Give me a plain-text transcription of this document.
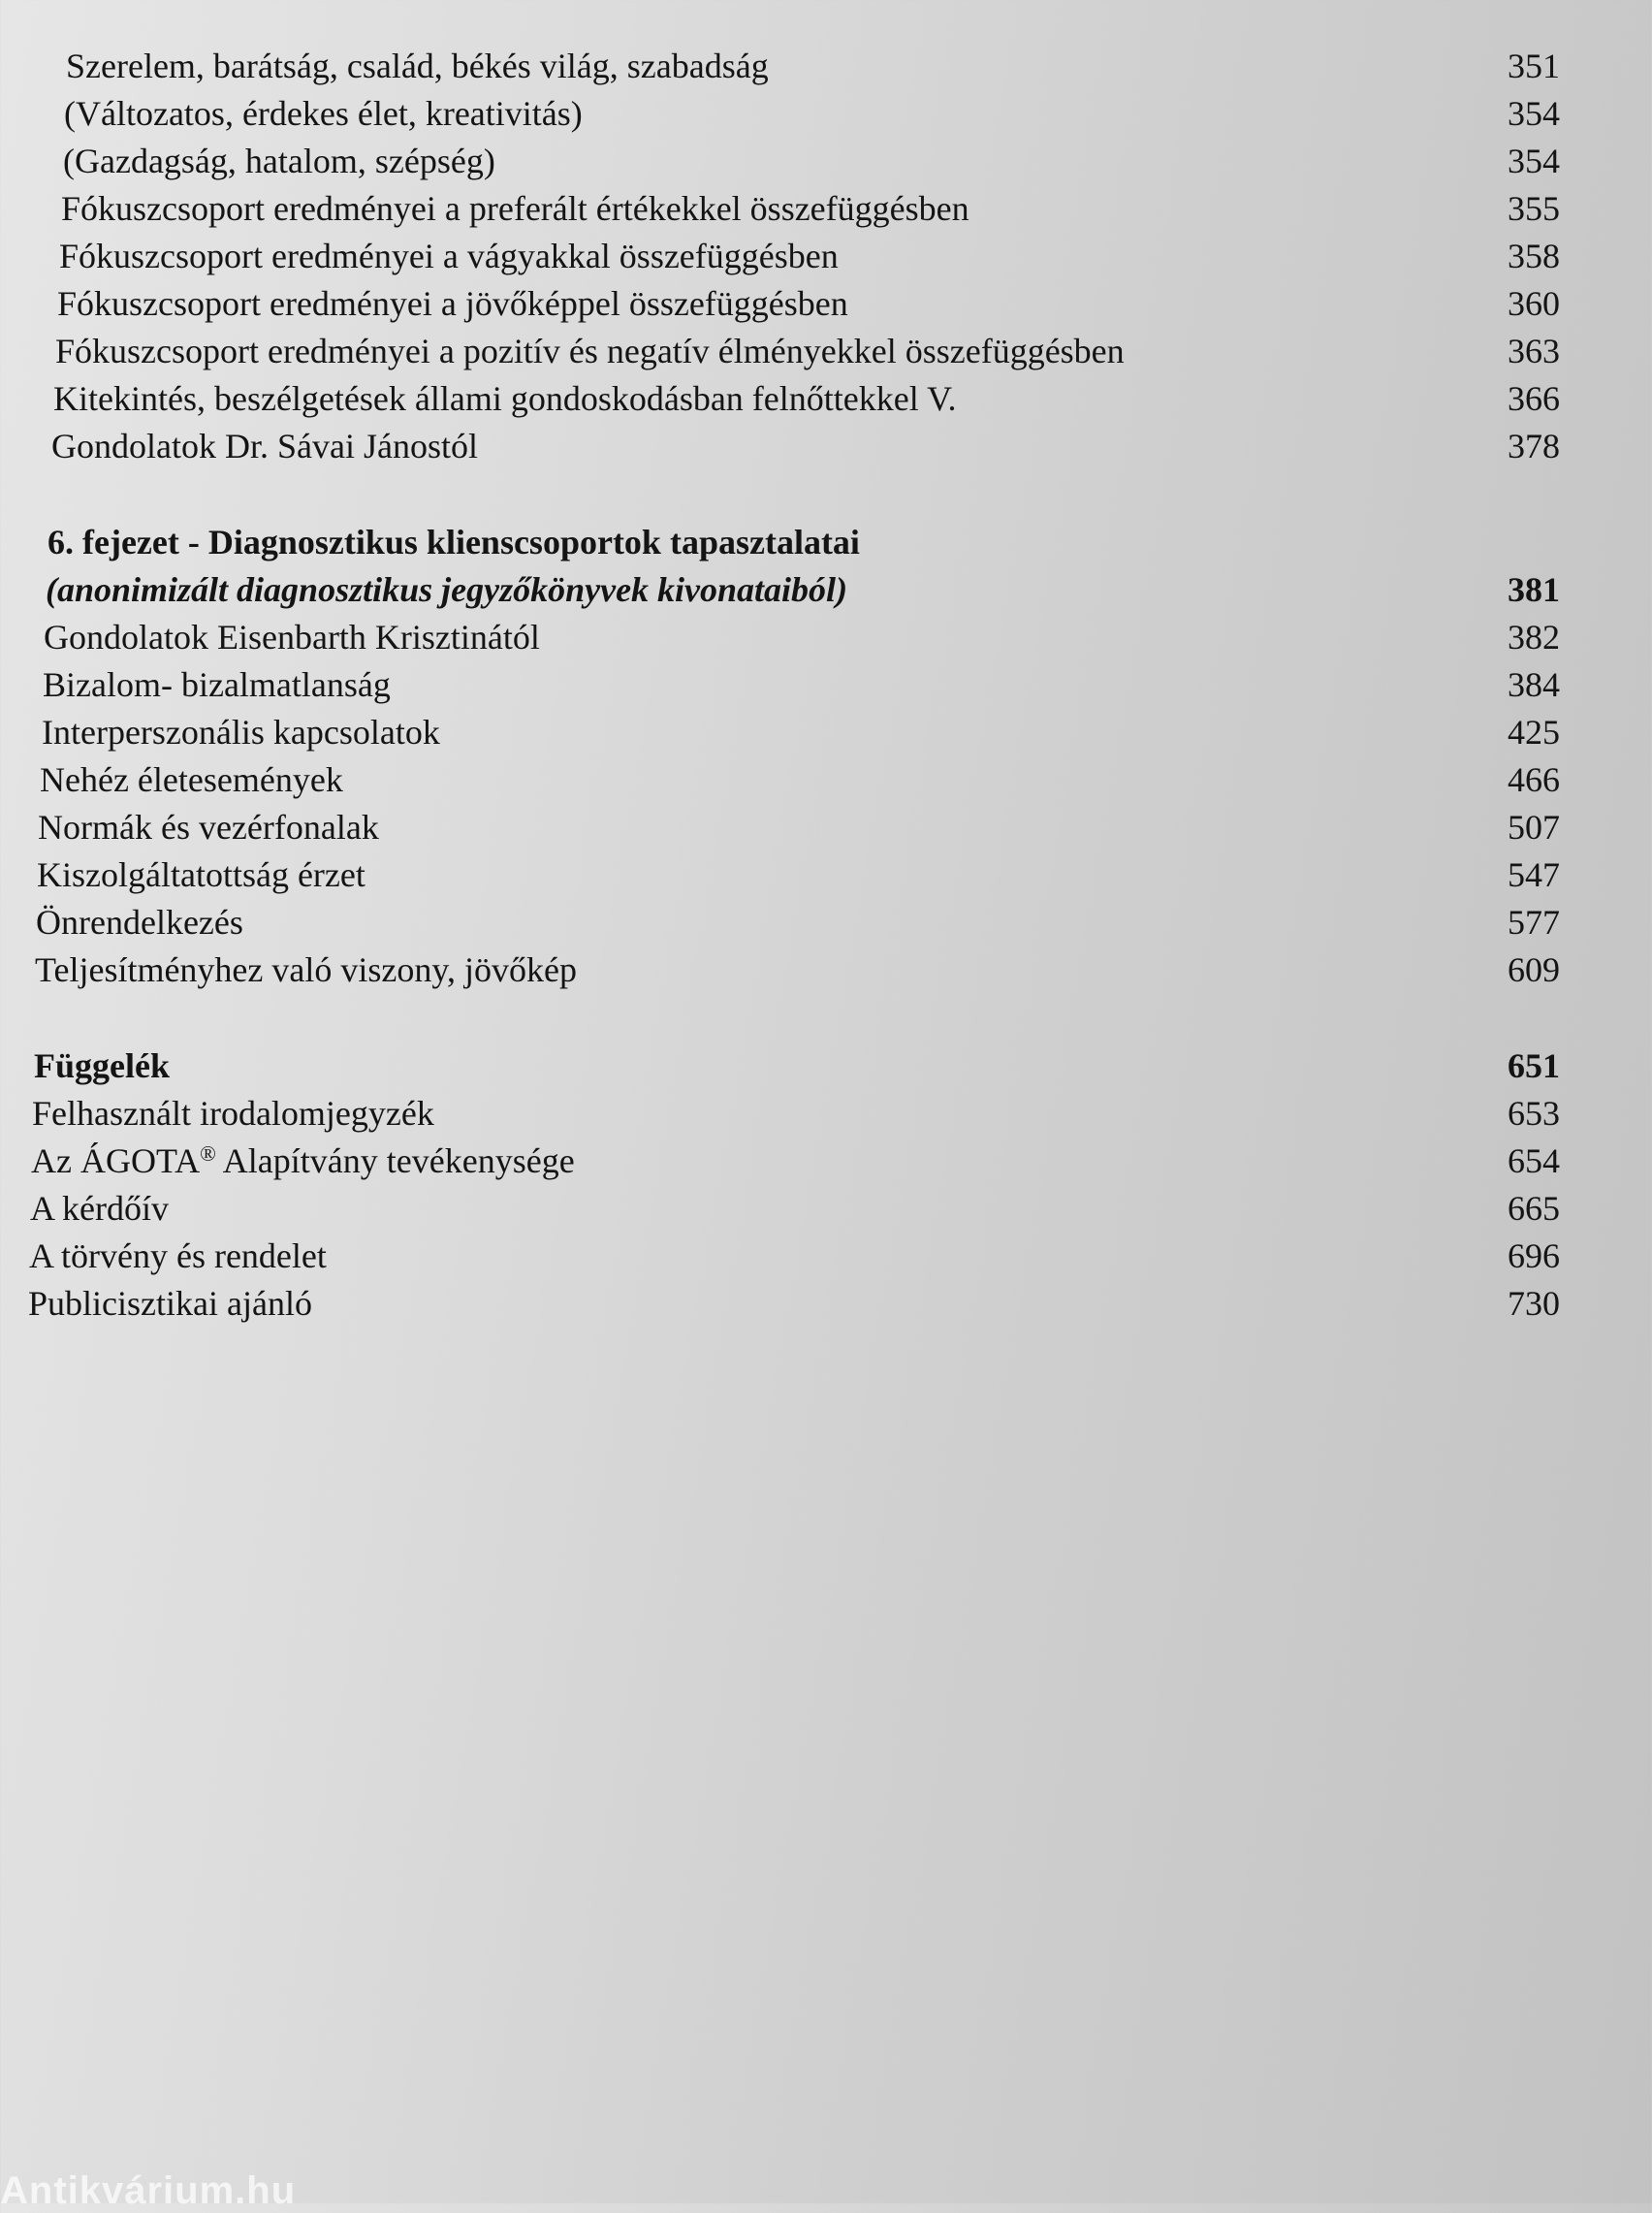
Szerelem, barátság, család, békés világ, szabadság	351
(Változatos, érdekes élet, kreativitás)	354
(Gazdagság, hatalom, szépség)	354
Fókuszcsoport eredményei a preferált értékekkel összefüggésben	355
Fókuszcsoport eredményei a vágyakkal összefüggésben	358
Fókuszcsoport eredményei a jövőképpel összefüggésben	360
Fókuszcsoport eredményei a pozitív és negatív élményekkel összefüggésben	363
Kitekintés, beszélgetések állami gondoskodásban felnőttekkel V.	366
Gondolatok Dr. Sávai Jánostól	378
6. fejezet - Diagnosztikus klienscsoportok tapasztalatai
(anonimizált diagnosztikus jegyzőkönyvek kivonataiból)	381
Gondolatok Eisenbarth Krisztinától	382
Bizalom- bizalmatlanság	384
Interperszonális kapcsolatok	425
Nehéz életesemények	466
Normák és vezérfonalak	507
Kiszolgáltatottság érzet	547
Önrendelkezés	577
Teljesítményhez való viszony, jövőkép	609
Függelék	651
Felhasznált irodalomjegyzék	653
Az ÁGOTA® Alapítvány tevékenysége	654
A kérdőív	665
A törvény és rendelet	696
Publicisztikai ajánló	730
Antikvárium.hu
